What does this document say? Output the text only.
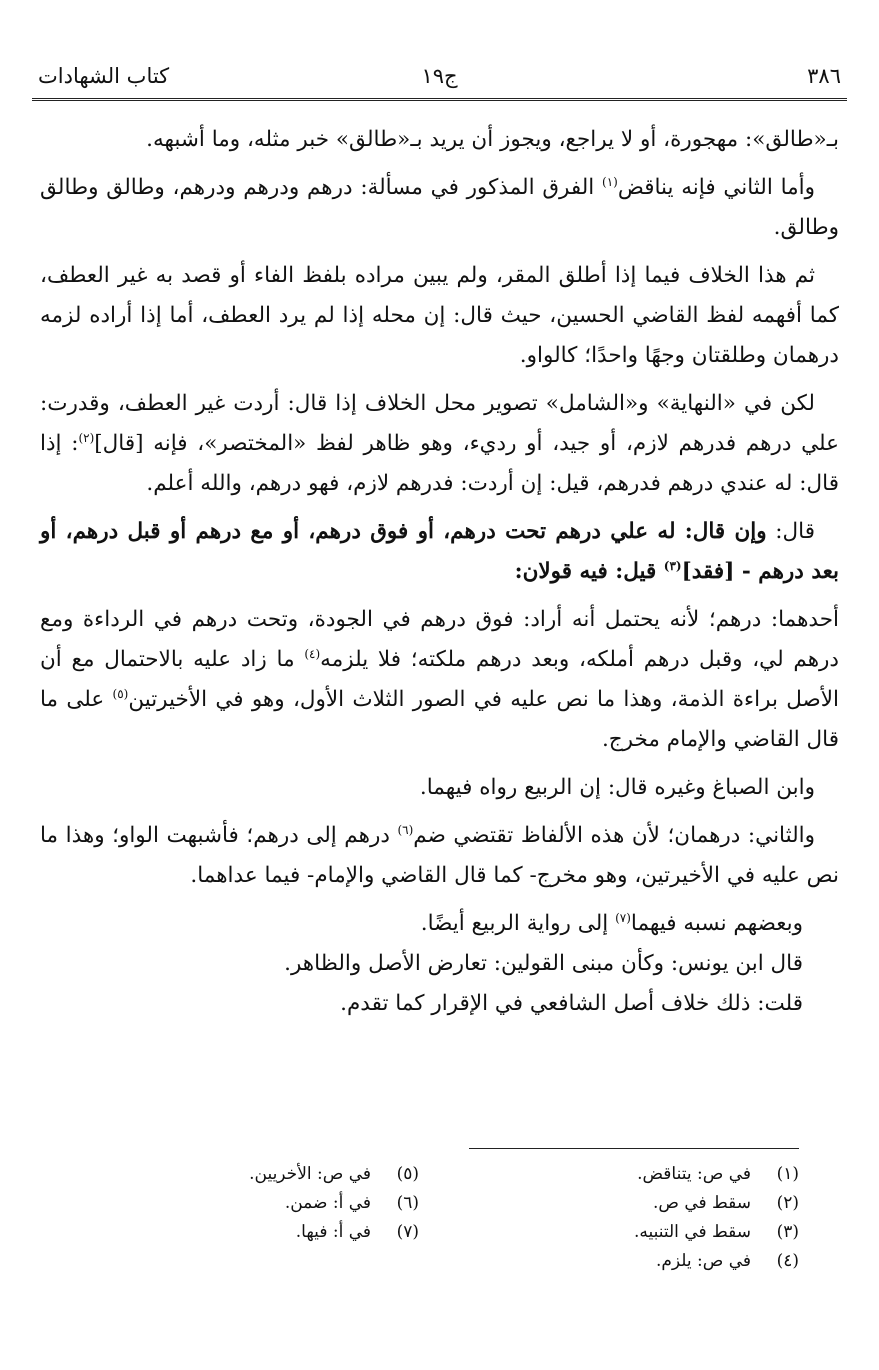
٣٨٦
ج١٩
كتاب الشهادات

بـ«طالق»: مهجورة، أو لا يراجع، ويجوز أن يريد بـ«طالق» خبر مثله، وما أشبهه.

وأما الثاني فإنه يناقض$^{(١)}$ الفرق المذكور في مسألة: درهم ودرهم ودرهم، وطالق وطالق وطالق.

ثم هذا الخلاف فيما إذا أطلق المقر، ولم يبين مراده بلفظ الفاء أو قصد به غير العطف، كما أفهمه لفظ القاضي الحسين، حيث قال: إن محله إذا لم يرد العطف، أما إذا أراده لزمه درهمان وطلقتان وجهًا واحدًا؛ كالواو.

لكن في «النهاية» و«الشامل» تصوير محل الخلاف إذا قال: أردت غير العطف، وقدرت: علي درهم فدرهم لازم، أو جيد، أو رديء، وهو ظاهر لفظ «المختصر»، فإنه [قال]$^{(٢)}$: إذا قال: له عندي درهم فدرهم، قيل: إن أردت: فدرهم لازم، فهو درهم، والله أعلم.

قال: وإن قال: له علي درهم تحت درهم، أو فوق درهم، أو مع درهم أو قبل درهم، أو بعد درهم - [فقد]$^{(٣)}$ قيل: فيه قولان:

أحدهما: درهم؛ لأنه يحتمل أنه أراد: فوق درهم في الجودة، وتحت درهم في الرداءة ومع درهم لي، وقبل درهم أملكه، وبعد درهم ملكته؛ فلا يلزمه$^{(٤)}$ ما زاد عليه بالاحتمال مع أن الأصل براءة الذمة، وهذا ما نص عليه في الصور الثلاث الأول، وهو في الأخيرتين$^{(٥)}$ على ما قال القاضي والإمام مخرج.

وابن الصباغ وغيره قال: إن الربيع رواه فيهما.

والثاني: درهمان؛ لأن هذه الألفاظ تقتضي ضم$^{(٦)}$ درهم إلى درهم؛ فأشبهت الواو؛ وهذا ما نص عليه في الأخيرتين، وهو مخرج- كما قال القاضي والإمام- فيما عداهما.

وبعضهم نسبه فيهما$^{(٧)}$ إلى رواية الربيع أيضًا.

قال ابن يونس: وكأن مبنى القولين: تعارض الأصل والظاهر.

قلت: ذلك خلاف أصل الشافعي في الإقرار كما تقدم.

(١)
في ص: يتناقض.
(٢)
سقط في ص.
(٣)
سقط في التنبيه.
(٤)
في ص: يلزم.
(٥)
في ص: الأخريين.
(٦)
في أ: ضمن.
(٧)
في أ: فيها.
